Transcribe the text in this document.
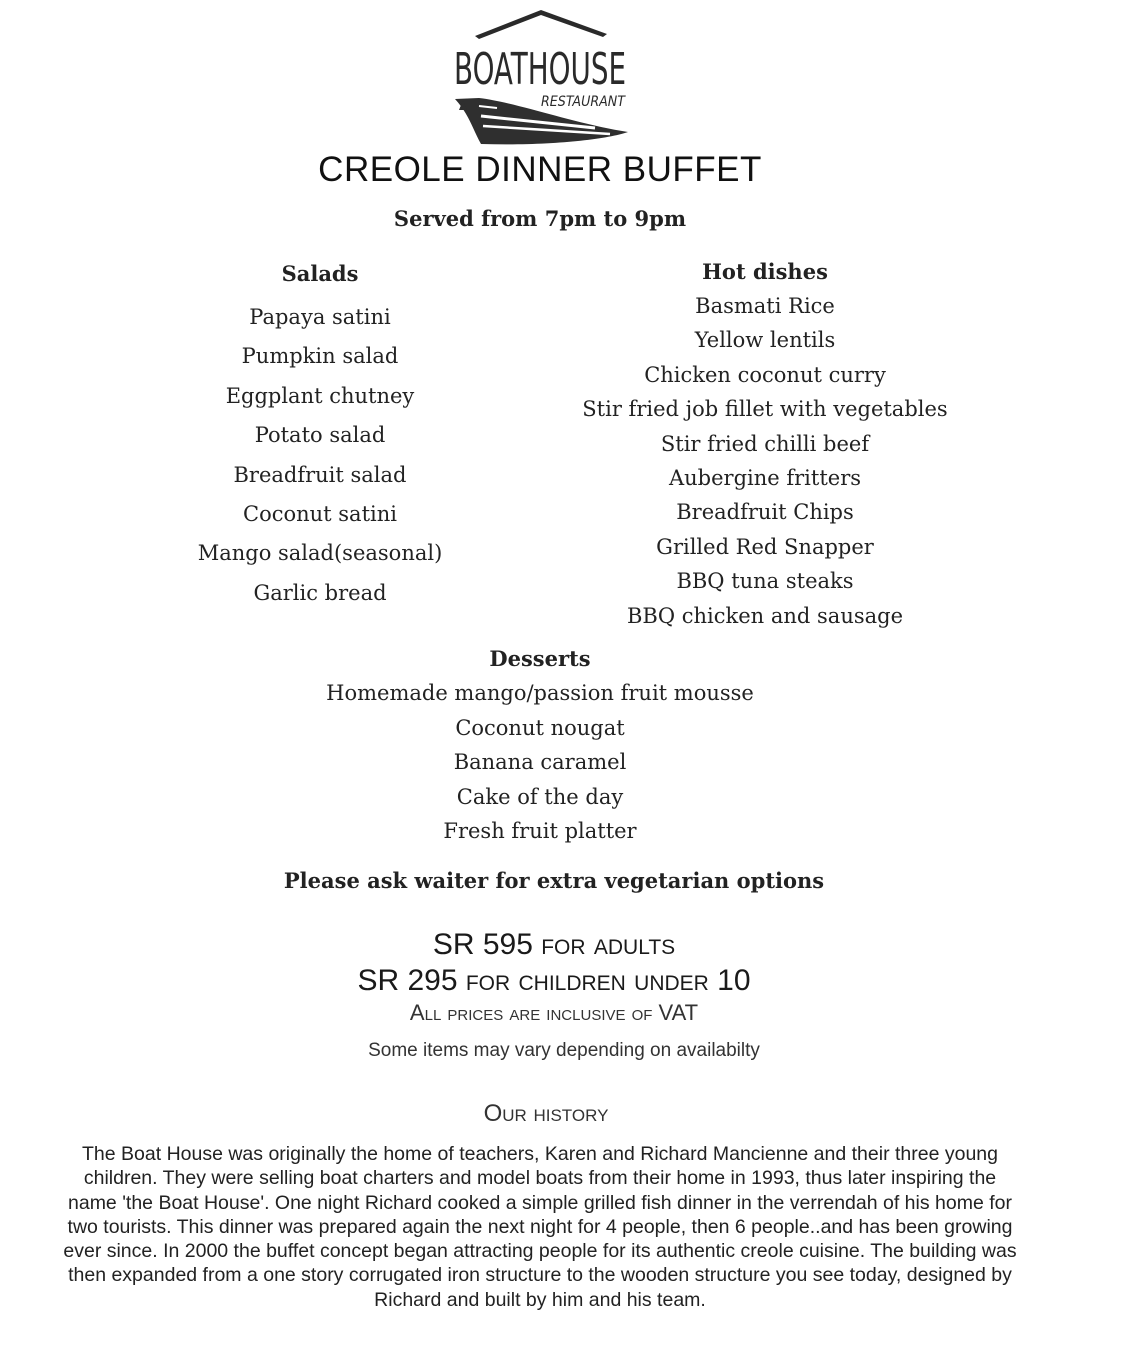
BOATHOUSE
RESTAURANT
CREOLE DINNER BUFFET
Served from 7pm to 9pm
Salads
Papaya satini
Pumpkin salad
Eggplant chutney
Potato salad
Breadfruit salad
Coconut satini
Mango salad(seasonal)
Garlic bread
Hot dishes
Basmati Rice
Yellow lentils
Chicken coconut curry
Stir fried job fillet with vegetables
Stir fried chilli beef
Aubergine fritters
Breadfruit Chips
Grilled Red Snapper
BBQ tuna steaks
BBQ chicken and sausage
Desserts
Homemade mango/passion fruit mousse
Coconut nougat
Banana caramel
Cake of the day
Fresh fruit platter
Please ask waiter for extra vegetarian options
SR 595 for adults
SR 295 for children under 10
All prices are inclusive of VAT
Some items may vary depending on availabilty
Our history

The Boat House was originally the home of teachers, Karen and Richard Mancienne and their three young children. They were selling boat charters and model boats from their home in 1993, thus later inspiring the name 'the Boat House'. One night Richard cooked a simple grilled fish dinner in the verrendah of his home for two tourists. This dinner was prepared again the next night for 4 people, then 6 people..and has been growing ever since. In 2000 the buffet concept began attracting people for its authentic creole cuisine. The building was then expanded from a one story corrugated iron structure to the wooden structure you see today, designed by Richard and built by him and his team.
